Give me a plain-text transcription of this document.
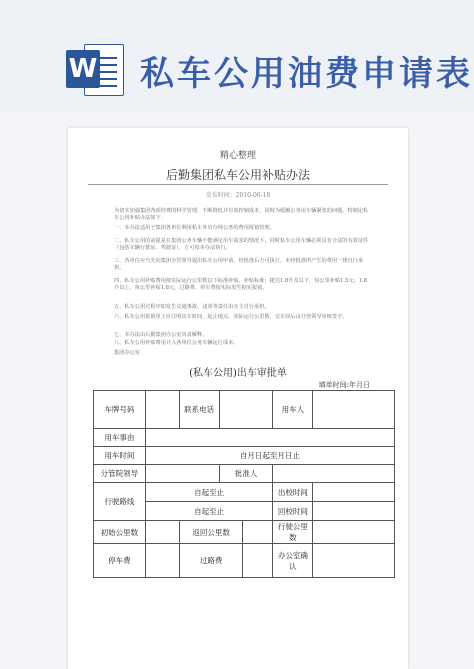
W 私车公用油费申请表
精心整理
后勤集团私车公用补贴办法
发布时间：2010-06-18
为切实加强集团各项经费的科学管理，不断降低并有效控制成本，同时为缓解公务用车辆紧张的问题，特制定私车公用补贴办法如下：
一、本办法适用于集团各单位利用私车外出办理公务的费用报销管理。
二、私车公用的前提是在集团公务车辆不能满足用车需求的情况下，同时私车公用车辆必须具有合法的有效证件（包括车辆行驶证、驾驶证），方可按本办法执行。
三、各单位应当先向集团分管领导提出私车公用申请，经批准后方可执行，未经批准所产生的费用一律自行承担。
四、私车公用补贴费用按实际运行公里数以下标准补贴，补贴标准：捷达1.8升及以下，每公里补贴1.5元；1.8升以上，每公里补贴1.8元，过路费、停车费按实际发生据实报销。
五、私车公用过程中如发生交通事故、违章等责任由车主自行承担。
六、私车公用报销单上应注明出车时间、起止地点、实际运行公里数，交车回后由分管领导审核签字。
七、本办法由后勤集团办公室负责解释。
八、私车公用补贴费用计入各单位公务车辆运行成本。
集团办公室
(私车公用)出车审批单
填单时间:年月日
车牌号码		联系电话			用车人	
用车事由						
用车时间	自月日起至月日止					
分管院领导			批准人			
行驶路线	自起至止				出校时间	
	自起至止				回校时间	
初始公里数		返回公里数			行驶公里数	
停车费		过路费			办公室确认	
